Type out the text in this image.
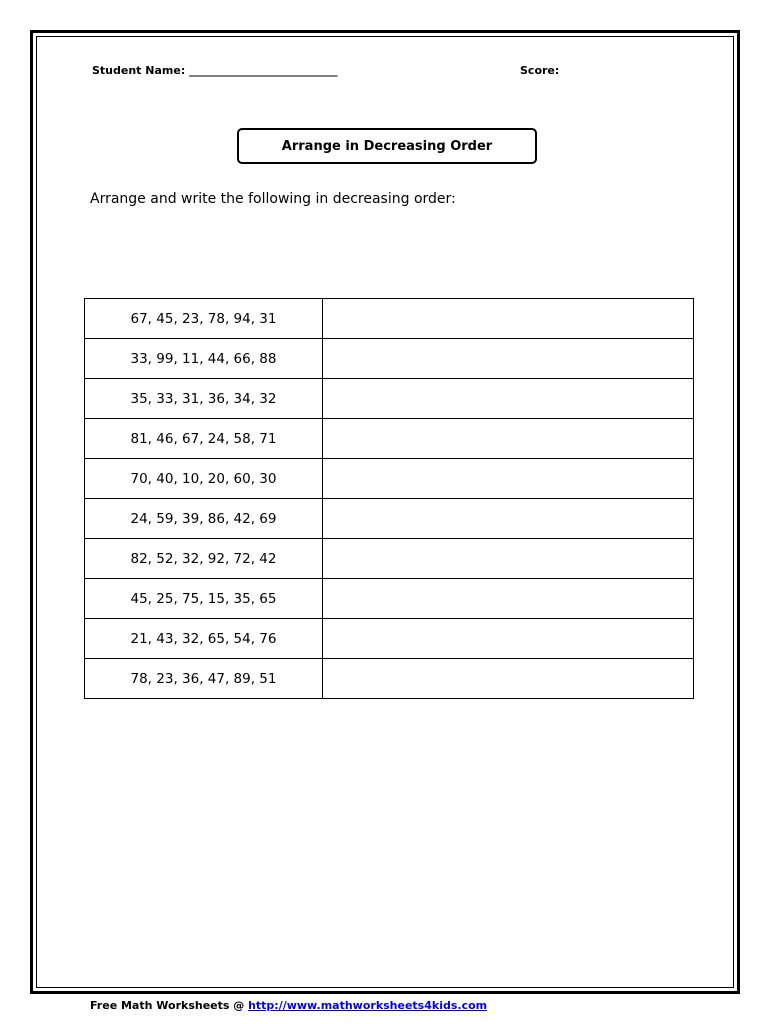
Student Name: ___________________________	Score:
Arrange in Decreasing Order
Arrange and write the following in decreasing order:
67, 45, 23, 78, 94, 31	
33, 99, 11, 44, 66, 88	
35, 33, 31, 36, 34, 32	
81, 46, 67, 24, 58, 71	
70, 40, 10, 20, 60, 30	
24, 59, 39, 86, 42, 69	
82, 52, 32, 92, 72, 42	
45, 25, 75, 15, 35, 65	
21, 43, 32, 65, 54, 76	
78, 23, 36, 47, 89, 51	
Free Math Worksheets @ http://www.mathworksheets4kids.com
